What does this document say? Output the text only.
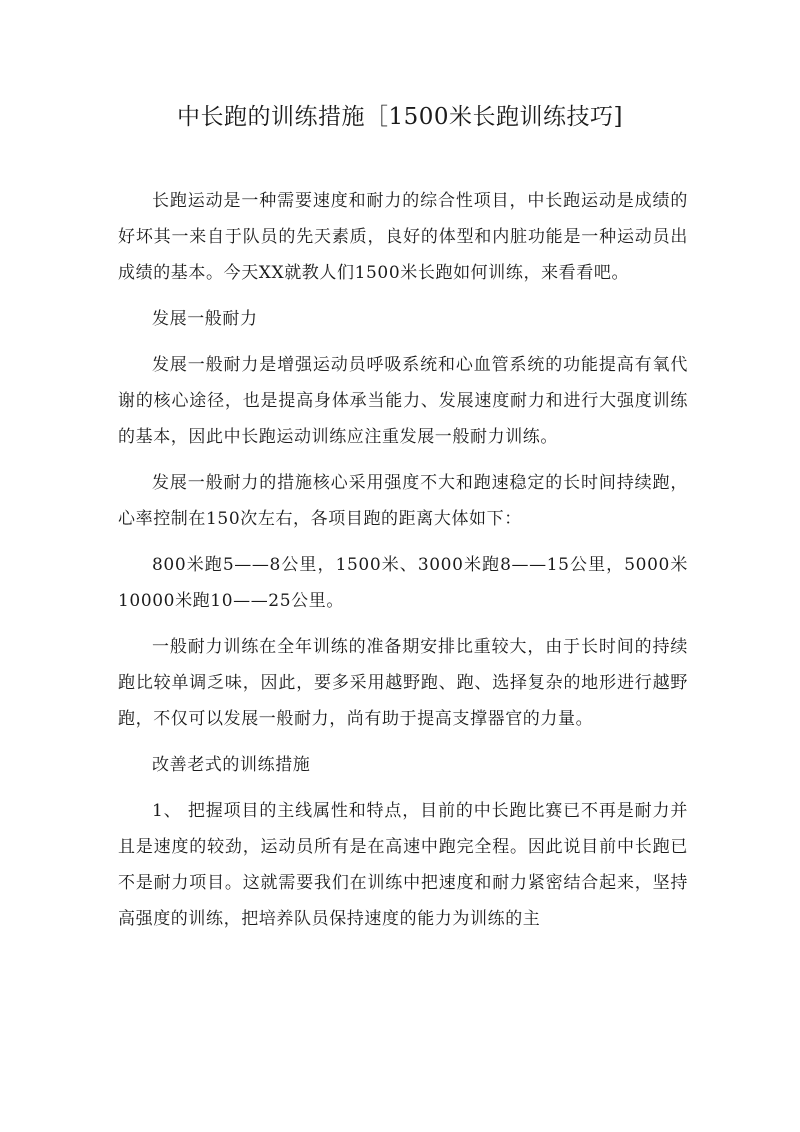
中长跑的训练措施［1500米长跑训练技巧]

长跑运动是一种需要速度和耐力的综合性项目，中长跑运动是成绩的好坏其一来自于队员的先天素质，良好的体型和内脏功能是一种运动员出成绩的基本。今天XX就教人们1500米长跑如何训练，来看看吧。

发展一般耐力

发展一般耐力是增强运动员呼吸系统和心血管系统的功能提高有氧代谢的核心途径，也是提高身体承当能力、发展速度耐力和进行大强度训练的基本，因此中长跑运动训练应注重发展一般耐力训练。

发展一般耐力的措施核心采用强度不大和跑速稳定的长时间持续跑，心率控制在150次左右，各项目跑的距离大体如下：

800米跑5——8公里，1500米、3000米跑8——15公里，5000米10000米跑10——25公里。

一般耐力训练在全年训练的准备期安排比重较大，由于长时间的持续跑比较单调乏味，因此，要多采用越野跑、跑、选择复杂的地形进行越野跑，不仅可以发展一般耐力，尚有助于提高支撑器官的力量。

改善老式的训练措施

1、 把握项目的主线属性和特点，目前的中长跑比赛已不再是耐力并且是速度的较劲，运动员所有是在高速中跑完全程。因此说目前中长跑已不是耐力项目。这就需要我们在训练中把速度和耐力紧密结合起来，坚持高强度的训练，把培养队员保持速度的能力为训练的主
